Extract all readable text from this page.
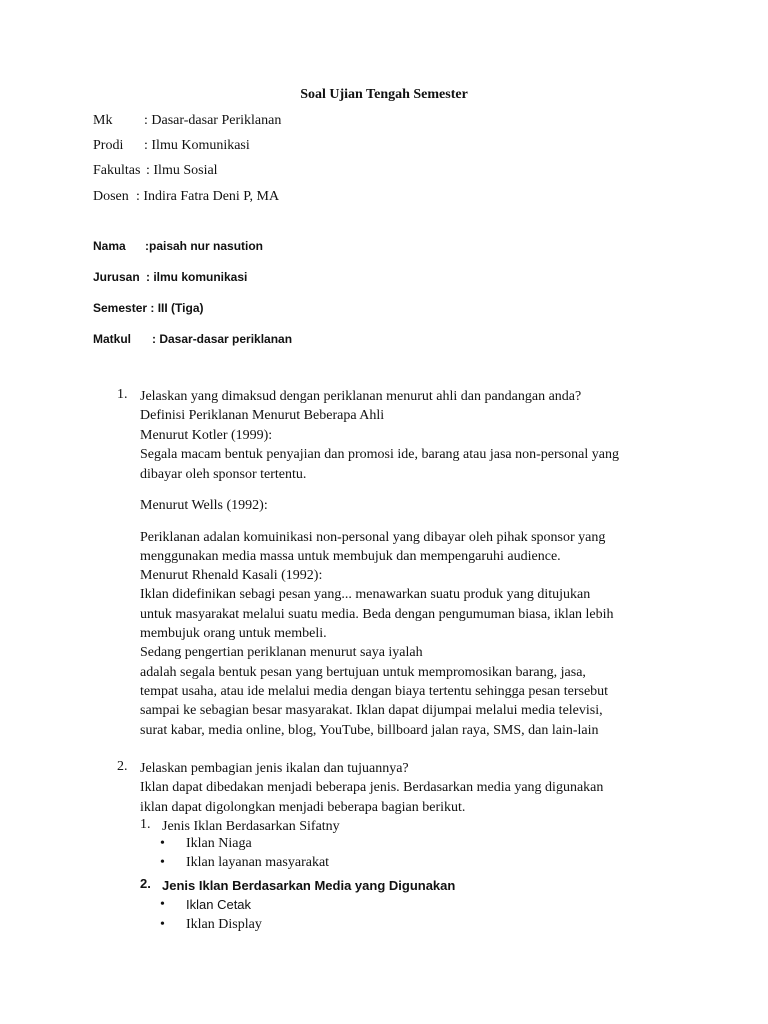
Soal Ujian Tengah Semester
Mk : Dasar-dasar Periklanan
Prodi : Ilmu Komunikasi
Fakultas : Ilmu Sosial
Dosen : Indira Fatra Deni P, MA
Nama :paisah nur nasution
Jurusan : ilmu komunikasi
Semester : III (Tiga)
Matkul : Dasar-dasar periklanan
1. Jelaskan yang dimaksud dengan periklanan menurut ahli dan pandangan anda?
Definisi Periklanan Menurut Beberapa Ahli
Menurut Kotler (1999):
Segala macam bentuk penyajian dan promosi ide, barang atau jasa non-personal yang
dibayar oleh sponsor tertentu.
Menurut Wells (1992):
Periklanan adalan komuinikasi non-personal yang dibayar oleh pihak sponsor yang
menggunakan media massa untuk membujuk dan mempengaruhi audience.
Menurut Rhenald Kasali (1992):
Iklan didefinikan sebagi pesan yang... menawarkan suatu produk yang ditujukan
untuk masyarakat melalui suatu media. Beda dengan pengumuman biasa, iklan lebih
membujuk orang untuk membeli.
Sedang pengertian periklanan menurut saya iyalah
adalah segala bentuk pesan yang bertujuan untuk mempromosikan barang, jasa,
tempat usaha, atau ide melalui media dengan biaya tertentu sehingga pesan tersebut
sampai ke sebagian besar masyarakat. Iklan dapat dijumpai melalui media televisi,
surat kabar, media online, blog, YouTube, billboard jalan raya, SMS, dan lain-lain
2. Jelaskan pembagian jenis ikalan dan tujuannya?
Iklan dapat dibedakan menjadi beberapa jenis. Berdasarkan media yang digunakan
iklan dapat digolongkan menjadi beberapa bagian berikut.
1. Jenis Iklan Berdasarkan Sifatny
• Iklan Niaga
• Iklan layanan masyarakat
2. Jenis Iklan Berdasarkan Media yang Digunakan
• Iklan Cetak
• Iklan Display
